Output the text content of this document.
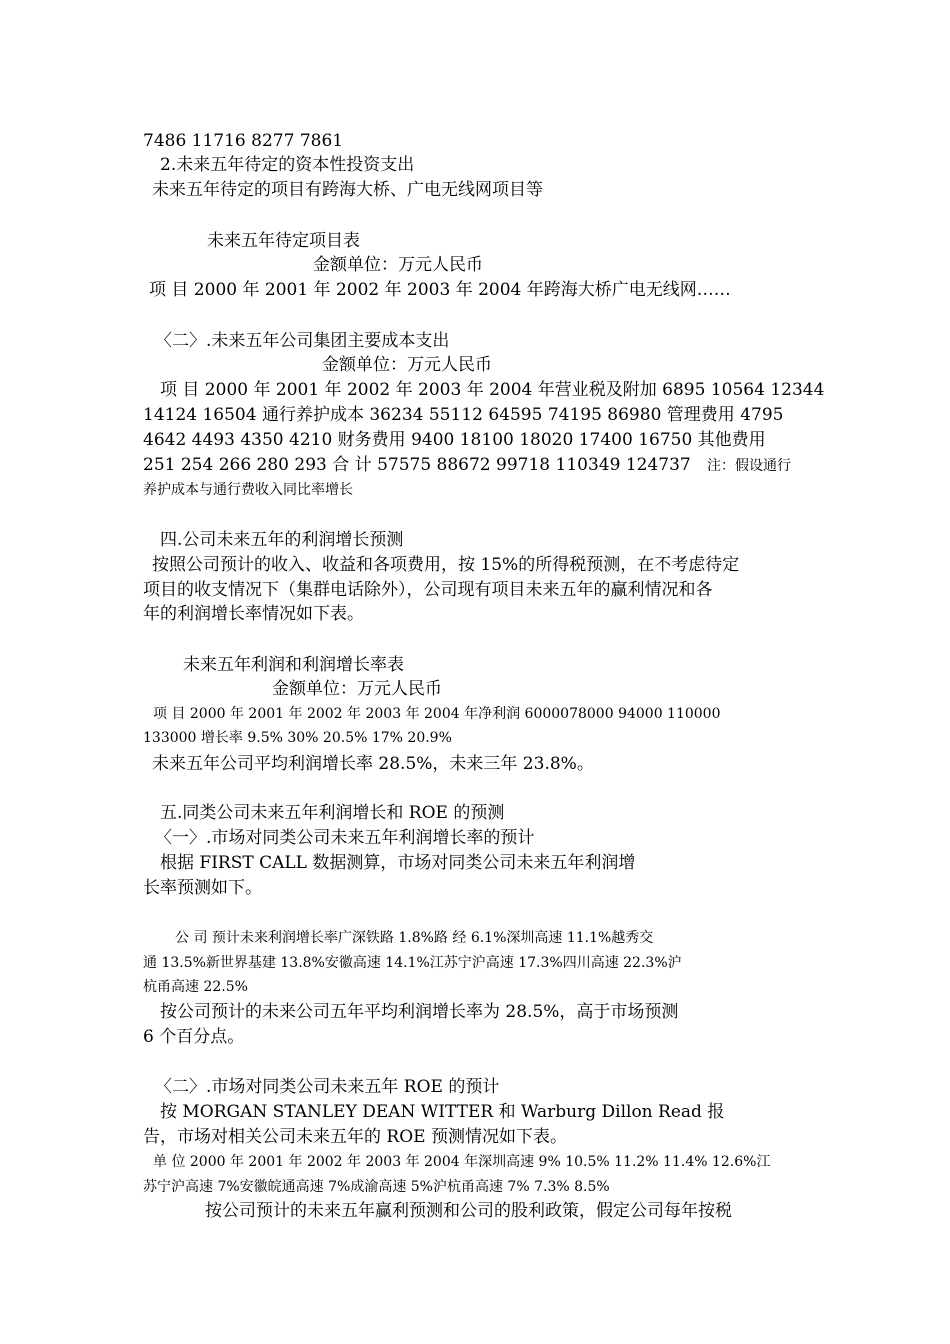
7486 11716 8277 7861
2.未来五年待定的资本性投资支出
未来五年待定的项目有跨海大桥、广电无线网项目等
未来五年待定项目表
金额单位：万元人民币
项 目 2000 年 2001 年 2002 年 2003 年 2004 年跨海大桥广电无线网……
〈二〉.未来五年公司集团主要成本支出
金额单位：万元人民币
项 目 2000 年 2001 年 2002 年 2003 年 2004 年营业税及附加 6895 10564 12344
14124 16504 通行养护成本 36234 55112 64595 74195 86980 管理费用 4795
4642 4493 4350 4210 财务费用 9400 18100 18020 17400 16750 其他费用
251 254 266 280 293 合 计 57575 88672 99718 110349 124737 注：假设通行
养护成本与通行费收入同比率增长
四.公司未来五年的利润增长预测
按照公司预计的收入、收益和各项费用，按 15%的所得税预测，在不考虑待定
项目的收支情况下（集群电话除外），公司现有项目未来五年的赢利情况和各
年的利润增长率情况如下表。
未来五年利润和利润增长率表
金额单位：万元人民币
项 目 2000 年 2001 年 2002 年 2003 年 2004 年净利润 6000078000 94000 110000
133000 增长率 9.5% 30% 20.5% 17% 20.9%
未来五年公司平均利润增长率 28.5%，未来三年 23.8%。
五.同类公司未来五年利润增长和 ROE 的预测
〈一〉.市场对同类公司未来五年利润增长率的预计
根据 FIRST CALL 数据测算，市场对同类公司未来五年利润增
长率预测如下。
公 司 预计未来利润增长率广深铁路 1.8%路 经 6.1%深圳高速 11.1%越秀交
通 13.5%新世界基建 13.8%安徽高速 14.1%江苏宁沪高速 17.3%四川高速 22.3%沪
杭甬高速 22.5%
按公司预计的未来公司五年平均利润增长率为 28.5%，高于市场预测
6 个百分点。
〈二〉.市场对同类公司未来五年 ROE 的预计
按 MORGAN STANLEY DEAN WITTER 和 Warburg Dillon Read 报
告，市场对相关公司未来五年的 ROE 预测情况如下表。
单 位 2000 年 2001 年 2002 年 2003 年 2004 年深圳高速 9% 10.5% 11.2% 11.4% 12.6%江
苏宁沪高速 7%安徽皖通高速 7%成渝高速 5%沪杭甬高速 7% 7.3% 8.5%
按公司预计的未来五年赢利预测和公司的股利政策，假定公司每年按税
